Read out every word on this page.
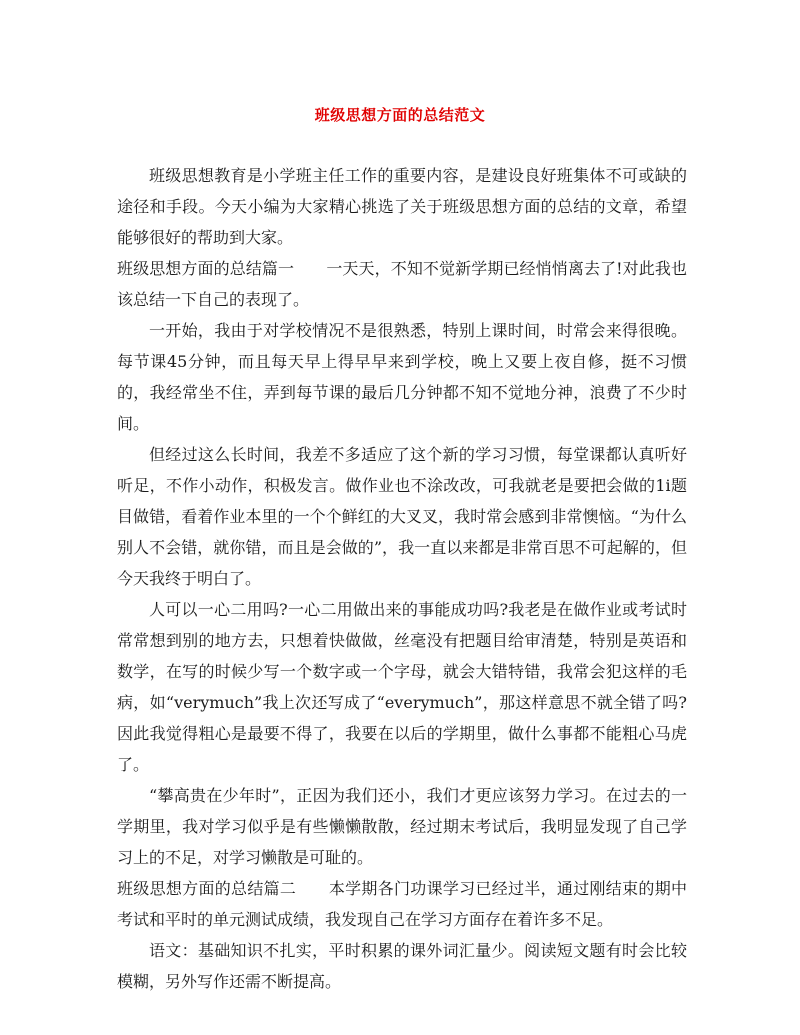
班级思想方面的总结范文

班级思想教育是小学班主任工作的重要内容，是建设良好班集体不可或缺的途径和手段。今天小编为大家精心挑选了关于班级思想方面的总结的文章，希望能够很好的帮助到大家。

班级思想方面的总结篇一　　一天天，不知不觉新学期已经悄悄离去了!对此我也该总结一下自己的表现了。

一开始，我由于对学校情况不是很熟悉，特别上课时间，时常会来得很晚。每节课45分钟，而且每天早上得早早来到学校，晚上又要上夜自修，挺不习惯的，我经常坐不住，弄到每节课的最后几分钟都不知不觉地分神，浪费了不少时间。

但经过这么长时间，我差不多适应了这个新的学习习惯，每堂课都认真听好听足，不作小动作，积极发言。做作业也不涂改改，可我就老是要把会做的1i题目做错，看着作业本里的一个个鲜红的大叉叉，我时常会感到非常懊恼。“为什么别人不会错，就你错，而且是会做的”，我一直以来都是非常百思不可起解的，但今天我终于明白了。

人可以一心二用吗?一心二用做出来的事能成功吗?我老是在做作业或考试时常常想到别的地方去，只想着快做做，丝毫没有把题目给审清楚，特别是英语和数学，在写的时候少写一个数字或一个字母，就会大错特错，我常会犯这样的毛病，如“verymuch”我上次还写成了“everymuch”，那这样意思不就全错了吗?因此我觉得粗心是最要不得了，我要在以后的学期里，做什么事都不能粗心马虎了。

“攀高贵在少年时”，正因为我们还小，我们才更应该努力学习。在过去的一学期里，我对学习似乎是有些懒懒散散，经过期末考试后，我明显发现了自己学习上的不足，对学习懒散是可耻的。

班级思想方面的总结篇二　　本学期各门功课学习已经过半，通过刚结束的期中考试和平时的单元测试成绩，我发现自己在学习方面存在着许多不足。

语文：基础知识不扎实，平时积累的课外词汇量少。阅读短文题有时会比较模糊，另外写作还需不断提高。
